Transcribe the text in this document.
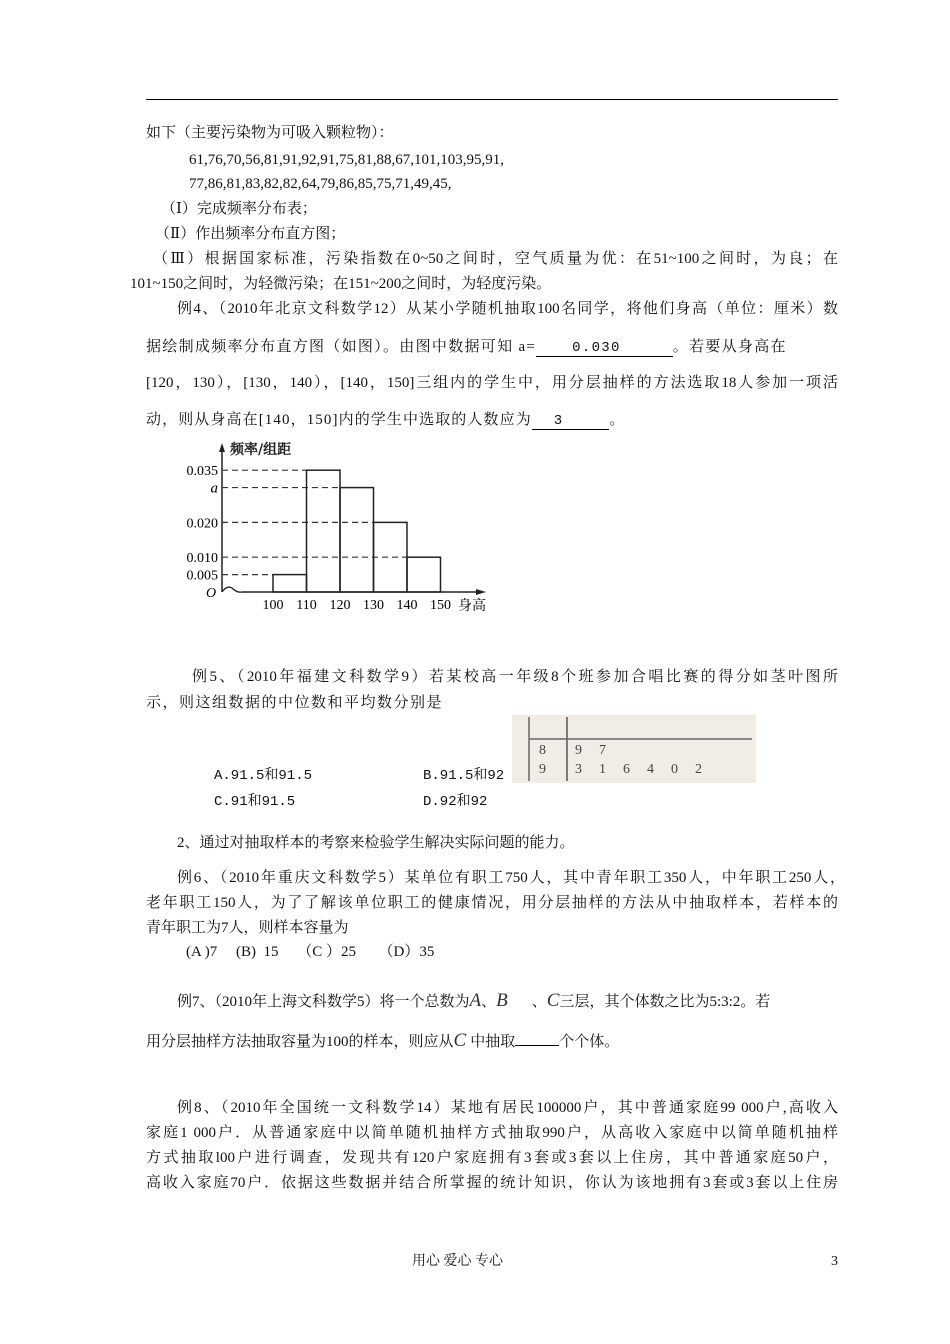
如下（主要污染物为可吸入颗粒物）：
61,76,70,56,81,91,92,91,75,81,88,67,101,103,95,91,
77,86,81,83,82,82,64,79,86,85,75,71,49,45,
（Ⅰ）完成频率分布表；
（Ⅱ）作出频率分布直方图；
（Ⅲ）根据国家标准，污染指数在0~50之间时，空气质量为优：在51~100之间时，为良；在
101~150之间时，为轻微污染；在151~200之间时，为轻度污染。
例4、（2010年北京文科数学12）从某小学随机抽取100名同学，将他们身高（单位：厘米）数
据绘制成频率分布直方图（如图）。由图中数据可知 a=	0.030	。若要从身高在
[120，130），[130，140），[140，150]三组内的学生中，用分层抽样的方法选取18人参加一项活
动，则从身高在[140，150]内的学生中选取的人数应为 3	。
频率/组距
O
0.035
a
0.020
0.010
0.005
100 110 120 130 140 150 身高
例5、（2010年福建文科数学9）若某校高一年级8个班参加合唱比赛的得分如茎叶图所
示，则这组数据的中位数和平均数分别是
8 9 7
9 3 1 6 4 0 2
A.91.5和91.5	B.91.5和92
C.91和91.5	D.92和92
2、通过对抽取样本的考察来检验学生解决实际问题的能力。
例6、（2010年重庆文科数学5）某单位有职工750人，其中青年职工350人，中年职工250人，
老年职工150人，为了了解该单位职工的健康情况，用分层抽样的方法从中抽取样本，若样本的
青年职工为7人，则样本容量为
(A )7     (B)  15     （C ）25      （D）35
例7、（2010年上海文科数学5）将一个总数为A、B 、C三层，其个体数之比为5:3:2。若
用分层抽样方法抽取容量为100的样本，则应从C 中抽取	个个体。
例8、（2010年全国统一文科数学14）某地有居民100000户，其中普通家庭99 000户,高收入
家庭1 000户．从普通家庭中以简单随机抽样方式抽取990户，从高收入家庭中以简单随机抽样
方式抽取l00户进行调查，发现共有120户家庭拥有3套或3套以上住房，其中普通家庭50户，
高收入家庭70户．依据这些数据并结合所掌握的统计知识，你认为该地拥有3套或3套以上住房
用心 爱心 专心	3
